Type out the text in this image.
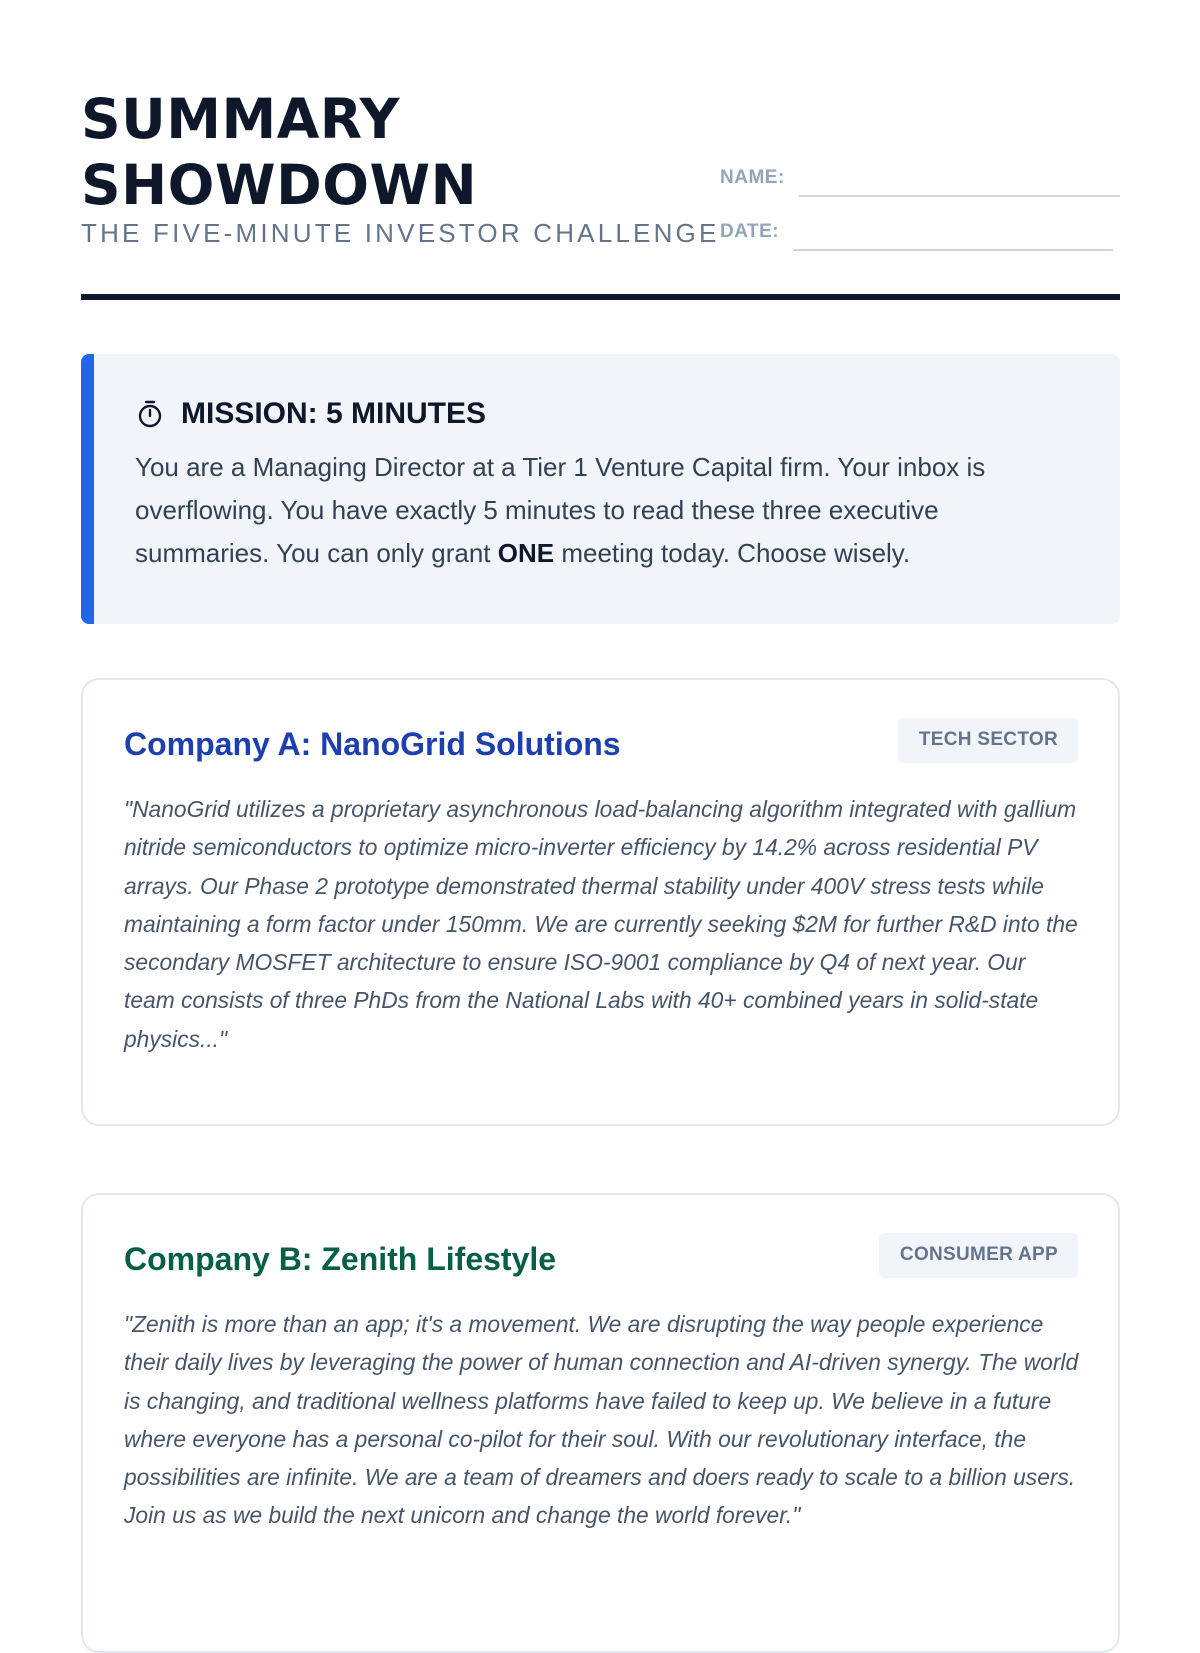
SUMMARY
SHOWDOWN
THE FIVE-MINUTE INVESTOR CHALLENGE
NAME:
DATE:
MISSION: 5 MINUTES

You are a Managing Director at a Tier 1 Venture Capital firm. Your inbox is overflowing. You have exactly 5 minutes to read these three executive summaries. You can only grant ONE meeting today. Choose wisely.

Company A: NanoGrid Solutions	TECH SECTOR

"NanoGrid utilizes a proprietary asynchronous load-balancing algorithm integrated with gallium nitride semiconductors to optimize micro-inverter efficiency by 14.2% across residential PV arrays. Our Phase 2 prototype demonstrated thermal stability under 400V stress tests while maintaining a form factor under 150mm. We are currently seeking $2M for further R&D into the secondary MOSFET architecture to ensure ISO-9001 compliance by Q4 of next year. Our team consists of three PhDs from the National Labs with 40+ combined years in solid-state physics..."

Company B: Zenith Lifestyle	CONSUMER APP

"Zenith is more than an app; it's a movement. We are disrupting the way people experience their daily lives by leveraging the power of human connection and AI-driven synergy. The world is changing, and traditional wellness platforms have failed to keep up. We believe in a future where everyone has a personal co-pilot for their soul. With our revolutionary interface, the possibilities are infinite. We are a team of dreamers and doers ready to scale to a billion users. Join us as we build the next unicorn and change the world forever."
